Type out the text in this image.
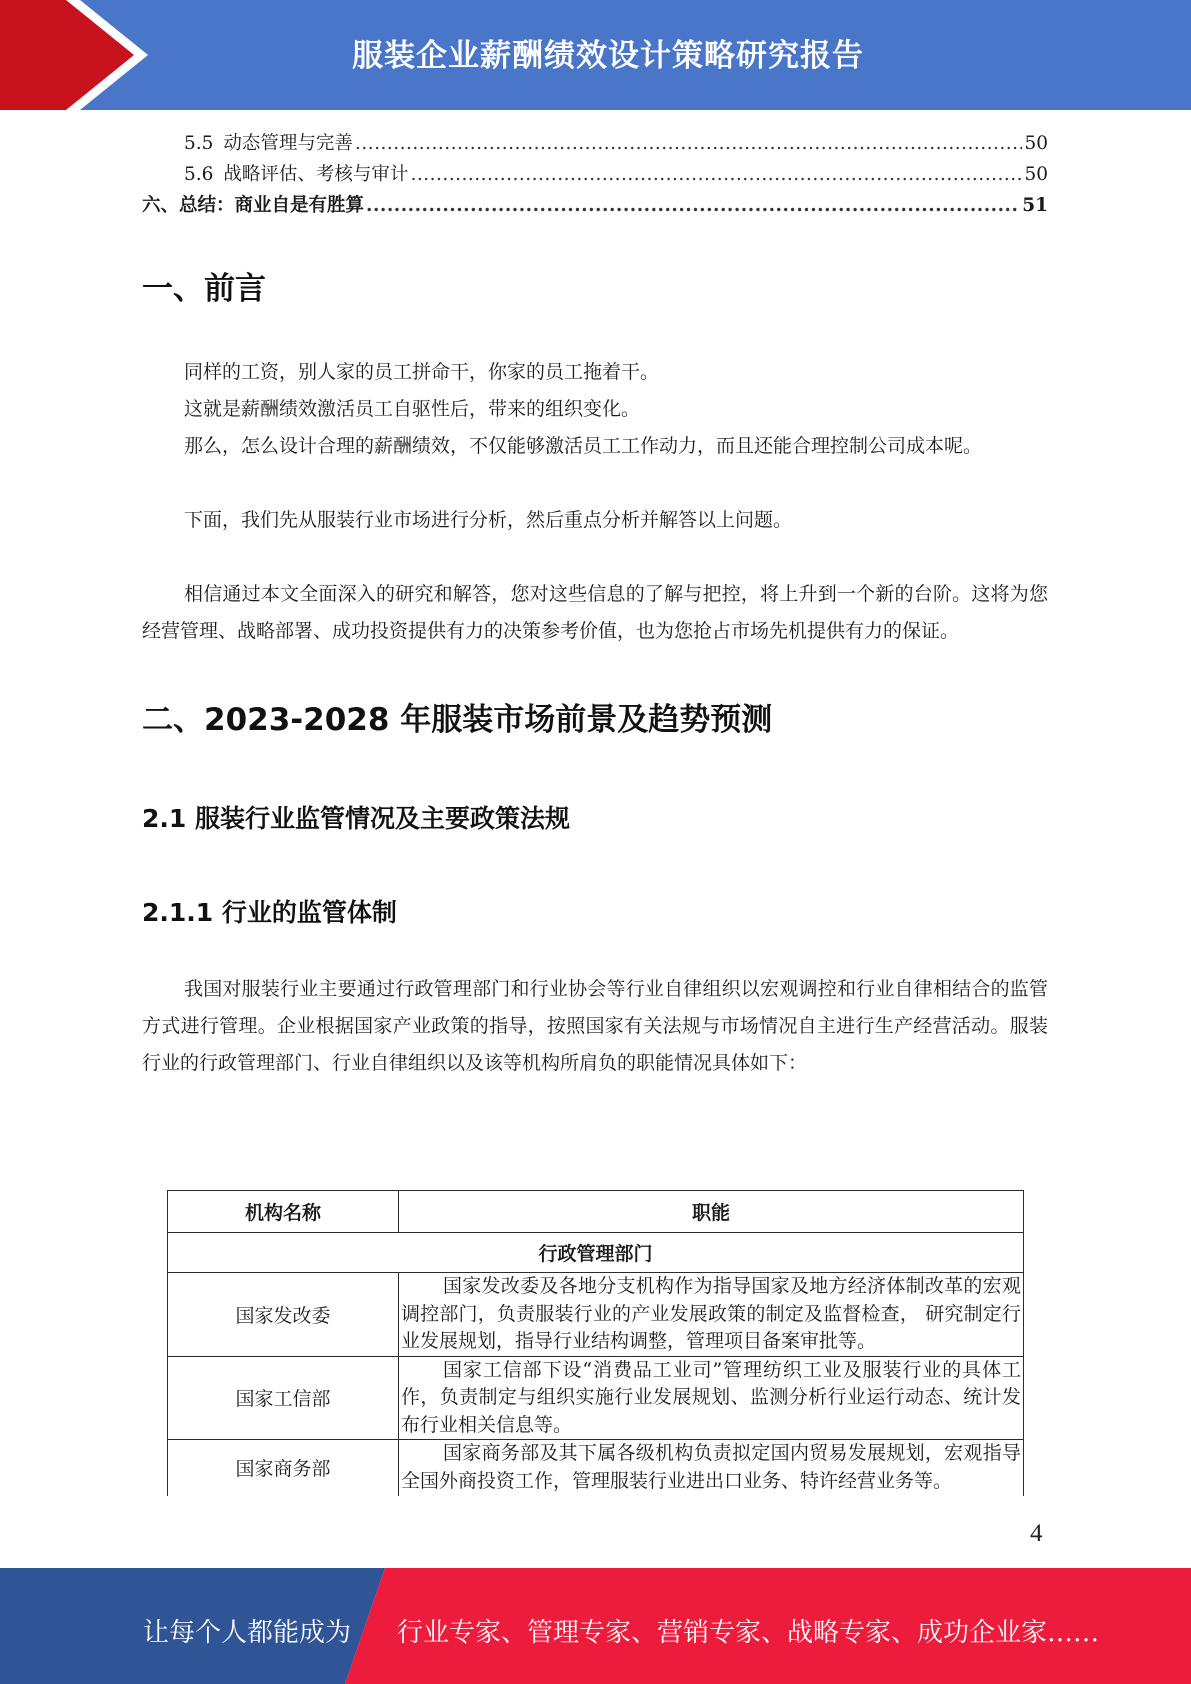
服装企业薪酬绩效设计策略研究报告
5.5 动态管理与完善 .....	50
5.6 战略评估、考核与审计 .....	50
六、总结：商业自是有胜算 .....	51
一、前言

同样的工资，别人家的员工拼命干，你家的员工拖着干。

这就是薪酬绩效激活员工自驱性后，带来的组织变化。

那么，怎么设计合理的薪酬绩效，不仅能够激活员工工作动力，而且还能合理控制公司成本呢。

下面，我们先从服装行业市场进行分析，然后重点分析并解答以上问题。

相信通过本文全面深入的研究和解答，您对这些信息的了解与把控，将上升到一个新的台阶。这将为您经营管理、战略部署、成功投资提供有力的决策参考价值，也为您抢占市场先机提供有力的保证。

二、2023-2028 年服装市场前景及趋势预测
2.1 服装行业监管情况及主要政策法规
2.1.1 行业的监管体制

我国对服装行业主要通过行政管理部门和行业协会等行业自律组织以宏观调控和行业自律相结合的监管方式进行管理。企业根据国家产业政策的指导，按照国家有关法规与市场情况自主进行生产经营活动。服装行业的行政管理部门、行业自律组织以及该等机构所肩负的职能情况具体如下：

机构名称	职能
行政管理部门	
国家发改委	国家发改委及各地分支机构作为指导国家及地方经济体制改革的宏观调控部门，负责服装行业的产业发展政策的制定及监督检查， 研究制定行业发展规划，指导行业结构调整，管理项目备案审批等。
国家工信部	国家工信部下设“消费品工业司”管理纺织工业及服装行业的具体工作，负责制定与组织实施行业发展规划、监测分析行业运行动态、统计发布行业相关信息等。
国家商务部	国家商务部及其下属各级机构负责拟定国内贸易发展规划，宏观指导全国外商投资工作，管理服装行业进出口业务、特许经营业务等。
4
让每个人都能成为 行业专家、管理专家、营销专家、战略专家、成功企业家……
